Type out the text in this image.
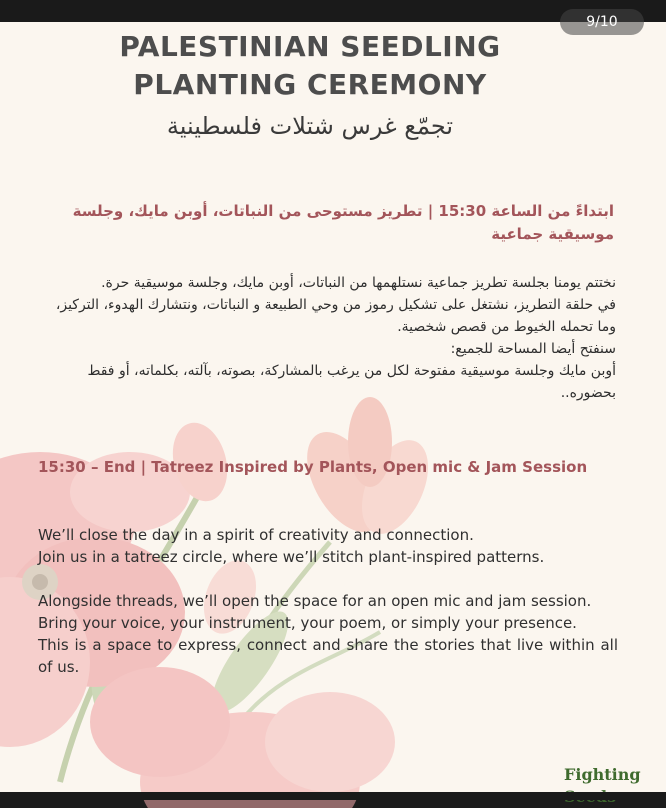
PALESTINIAN SEEDLING
PLANTING CEREMONY
تجمّع غرس شتلات فلسطينية
ابتداءً من الساعة 15:30 | تطريز مستوحى من النباتات، أوبن مايك، وجلسة موسيقية جماعية

نختتم يومنا بجلسة تطريز جماعية نستلهمها من النباتات، أوبن مايك، وجلسة موسيقية حرة.

في حلقة التطريز، نشتغل على تشكيل رموز من وحي الطبيعة و النباتات، ونتشارك الهدوء، التركيز، وما تحمله الخيوط من قصص شخصية.

سنفتح أيضا المساحة للجميع:

أوبن مايك وجلسة موسيقية مفتوحة لكل من يرغب بالمشاركة، بصوته، بآلته، بكلماته، أو فقط بحضوره..

15:30 – End | Tatreez Inspired by Plants, Open mic & Jam Session

We’ll close the day in a spirit of creativity and connection.

Join us in a tatreez circle, where we’ll stitch plant-inspired patterns.

Alongside threads, we’ll open the space for an open mic and jam session.

Bring your voice, your instrument, your poem, or simply your presence.

This is a space to express, connect and share the stories that live within all of us.

Fighting
9/10
